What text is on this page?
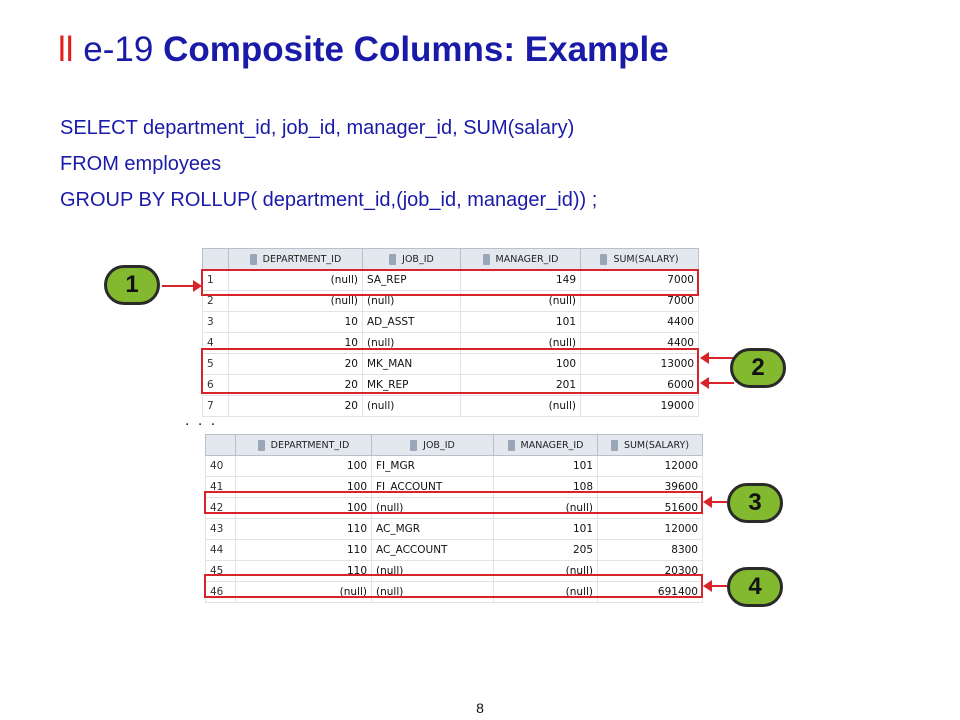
ll e-19 Composite Columns: Example
SELECT department_id, job_id, manager_id, SUM(salary)
FROM employees
GROUP BY ROLLUP( department_id,(job_id, manager_id)) ;
	DEPARTMENT_ID	JOB_ID	MANAGER_ID	SUM(SALARY)
1	(null)	SA_REP	149	7000
2	(null)	(null)	(null)	7000
3	10	AD_ASST	101	4400
4	10	(null)	(null)	4400
5	20	MK_MAN	100	13000
6	20	MK_REP	201	6000
7	20	(null)	(null)	19000
. . .
	DEPARTMENT_ID	JOB_ID	MANAGER_ID	SUM(SALARY)
40	100	FI_MGR	101	12000
41	100	FI_ACCOUNT	108	39600
42	100	(null)	(null)	51600
43	110	AC_MGR	101	12000
44	110	AC_ACCOUNT	205	8300
45	110	(null)	(null)	20300
46	(null)	(null)	(null)	691400
1
2
3
4
8
